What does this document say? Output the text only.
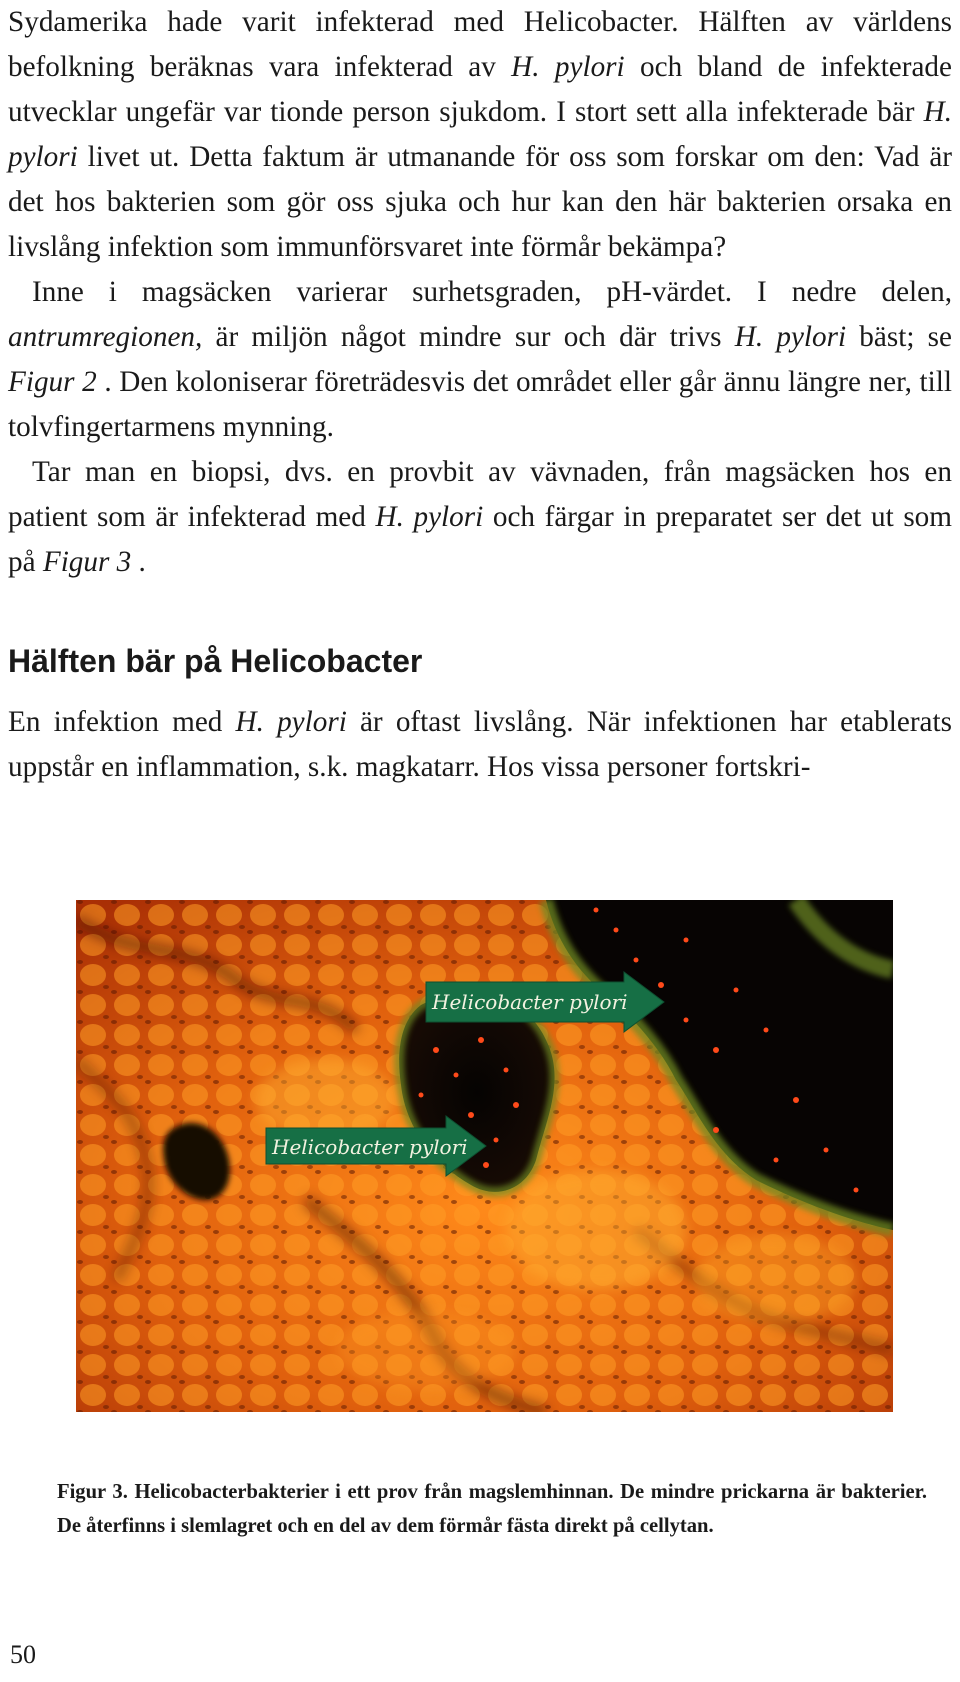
Sydamerika hade varit infekterad med Helicobacter. Hälften av världens befolkning beräknas vara infekterad av H. pylori och bland de infekterade utvecklar ungefär var tionde person sjukdom. I stort sett alla infekterade bär H. pylori livet ut. Detta faktum är utmanande för oss som forskar om den: Vad är det hos bakterien som gör oss sjuka och hur kan den här bakterien orsaka en livslång infektion som immunförsvaret inte förmår bekämpa?

Inne i magsäcken varierar surhetsgraden, pH-värdet. I nedre delen, antrumregionen, är miljön något mindre sur och där trivs H. pylori bäst; se Figur 2 . Den koloniserar företrädesvis det området eller går ännu längre ner, till tolvfingertarmens mynning.

Tar man en biopsi, dvs. en provbit av vävnaden, från magsäcken hos en patient som är infekterad med H. pylori och färgar in preparatet ser det ut som på Figur 3 .

Hälften bär på Helicobacter

En infektion med H. pylori är oftast livslång. När infektionen har etablerats uppstår en inflammation, s.k. magkatarr. Hos vissa personer fortskri-

Helicobacter pylori
Helicobacter pylori

Figur 3. Helicobacterbakterier i ett prov från magslemhinnan. De mindre prickarna är bakterier. De återfinns i slemlagret och en del av dem förmår fästa direkt på cellytan.

50
